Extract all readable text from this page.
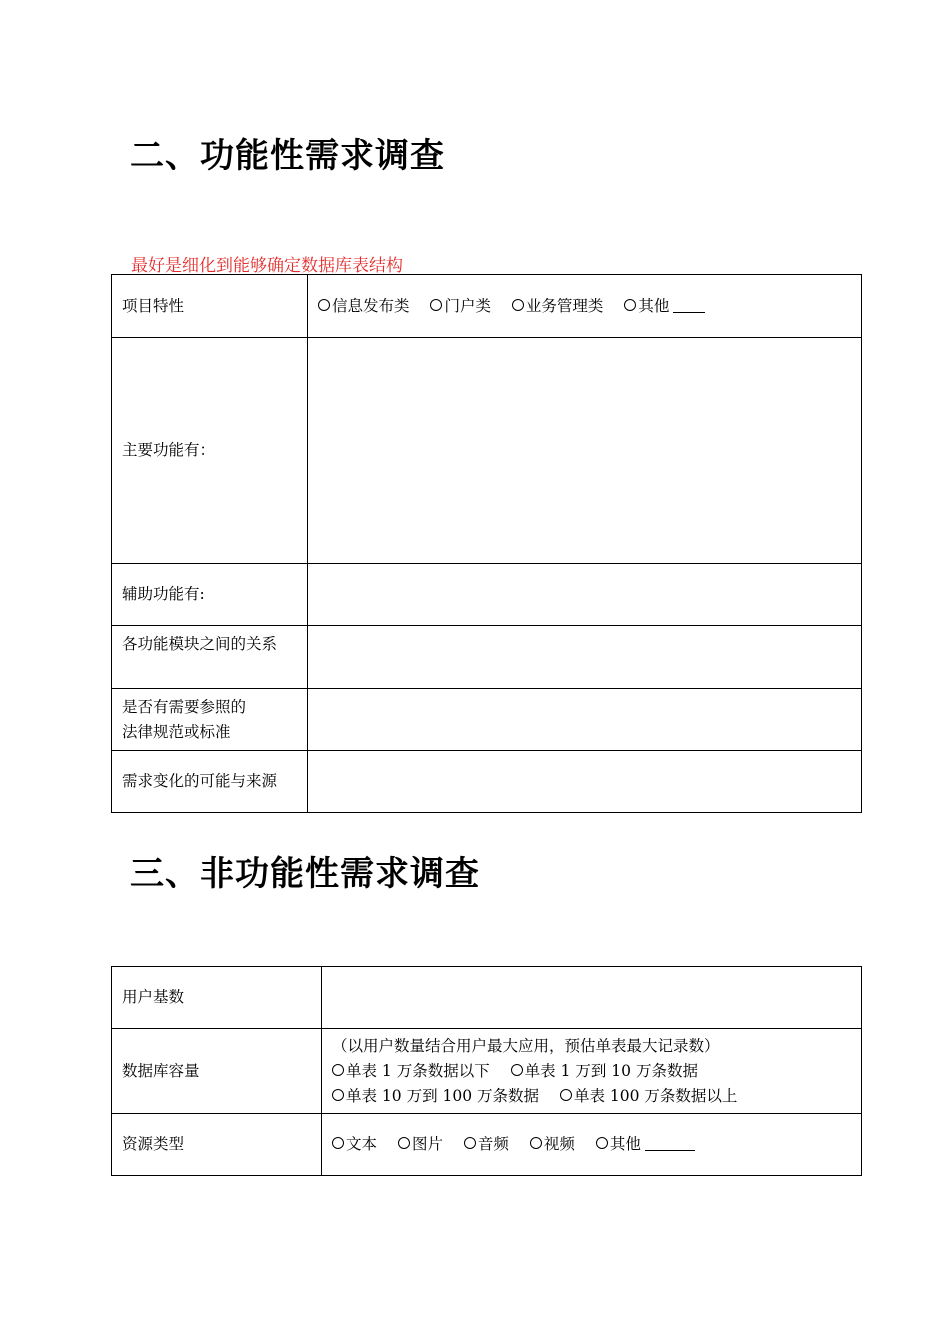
二、功能性需求调查
最好是细化到能够确定数据库表结构
项目特性	信息发布类 门户类 业务管理类 其他
主要功能有：	
辅助功能有:	
各功能模块之间的关系	

是否有需要参照的
法律规范或标准	

需求变化的可能与来源	
三、非功能性需求调查
用户基数	
数据库容量	（以用户数量结合用户最大应用，预估单表最大记录数）
单表 1 万条数据以下 单表 1 万到 10 万条数据
单表 10 万到 100 万条数据 单表 100 万条数据以上

资源类型	文本 图片 音频 视频 其他
